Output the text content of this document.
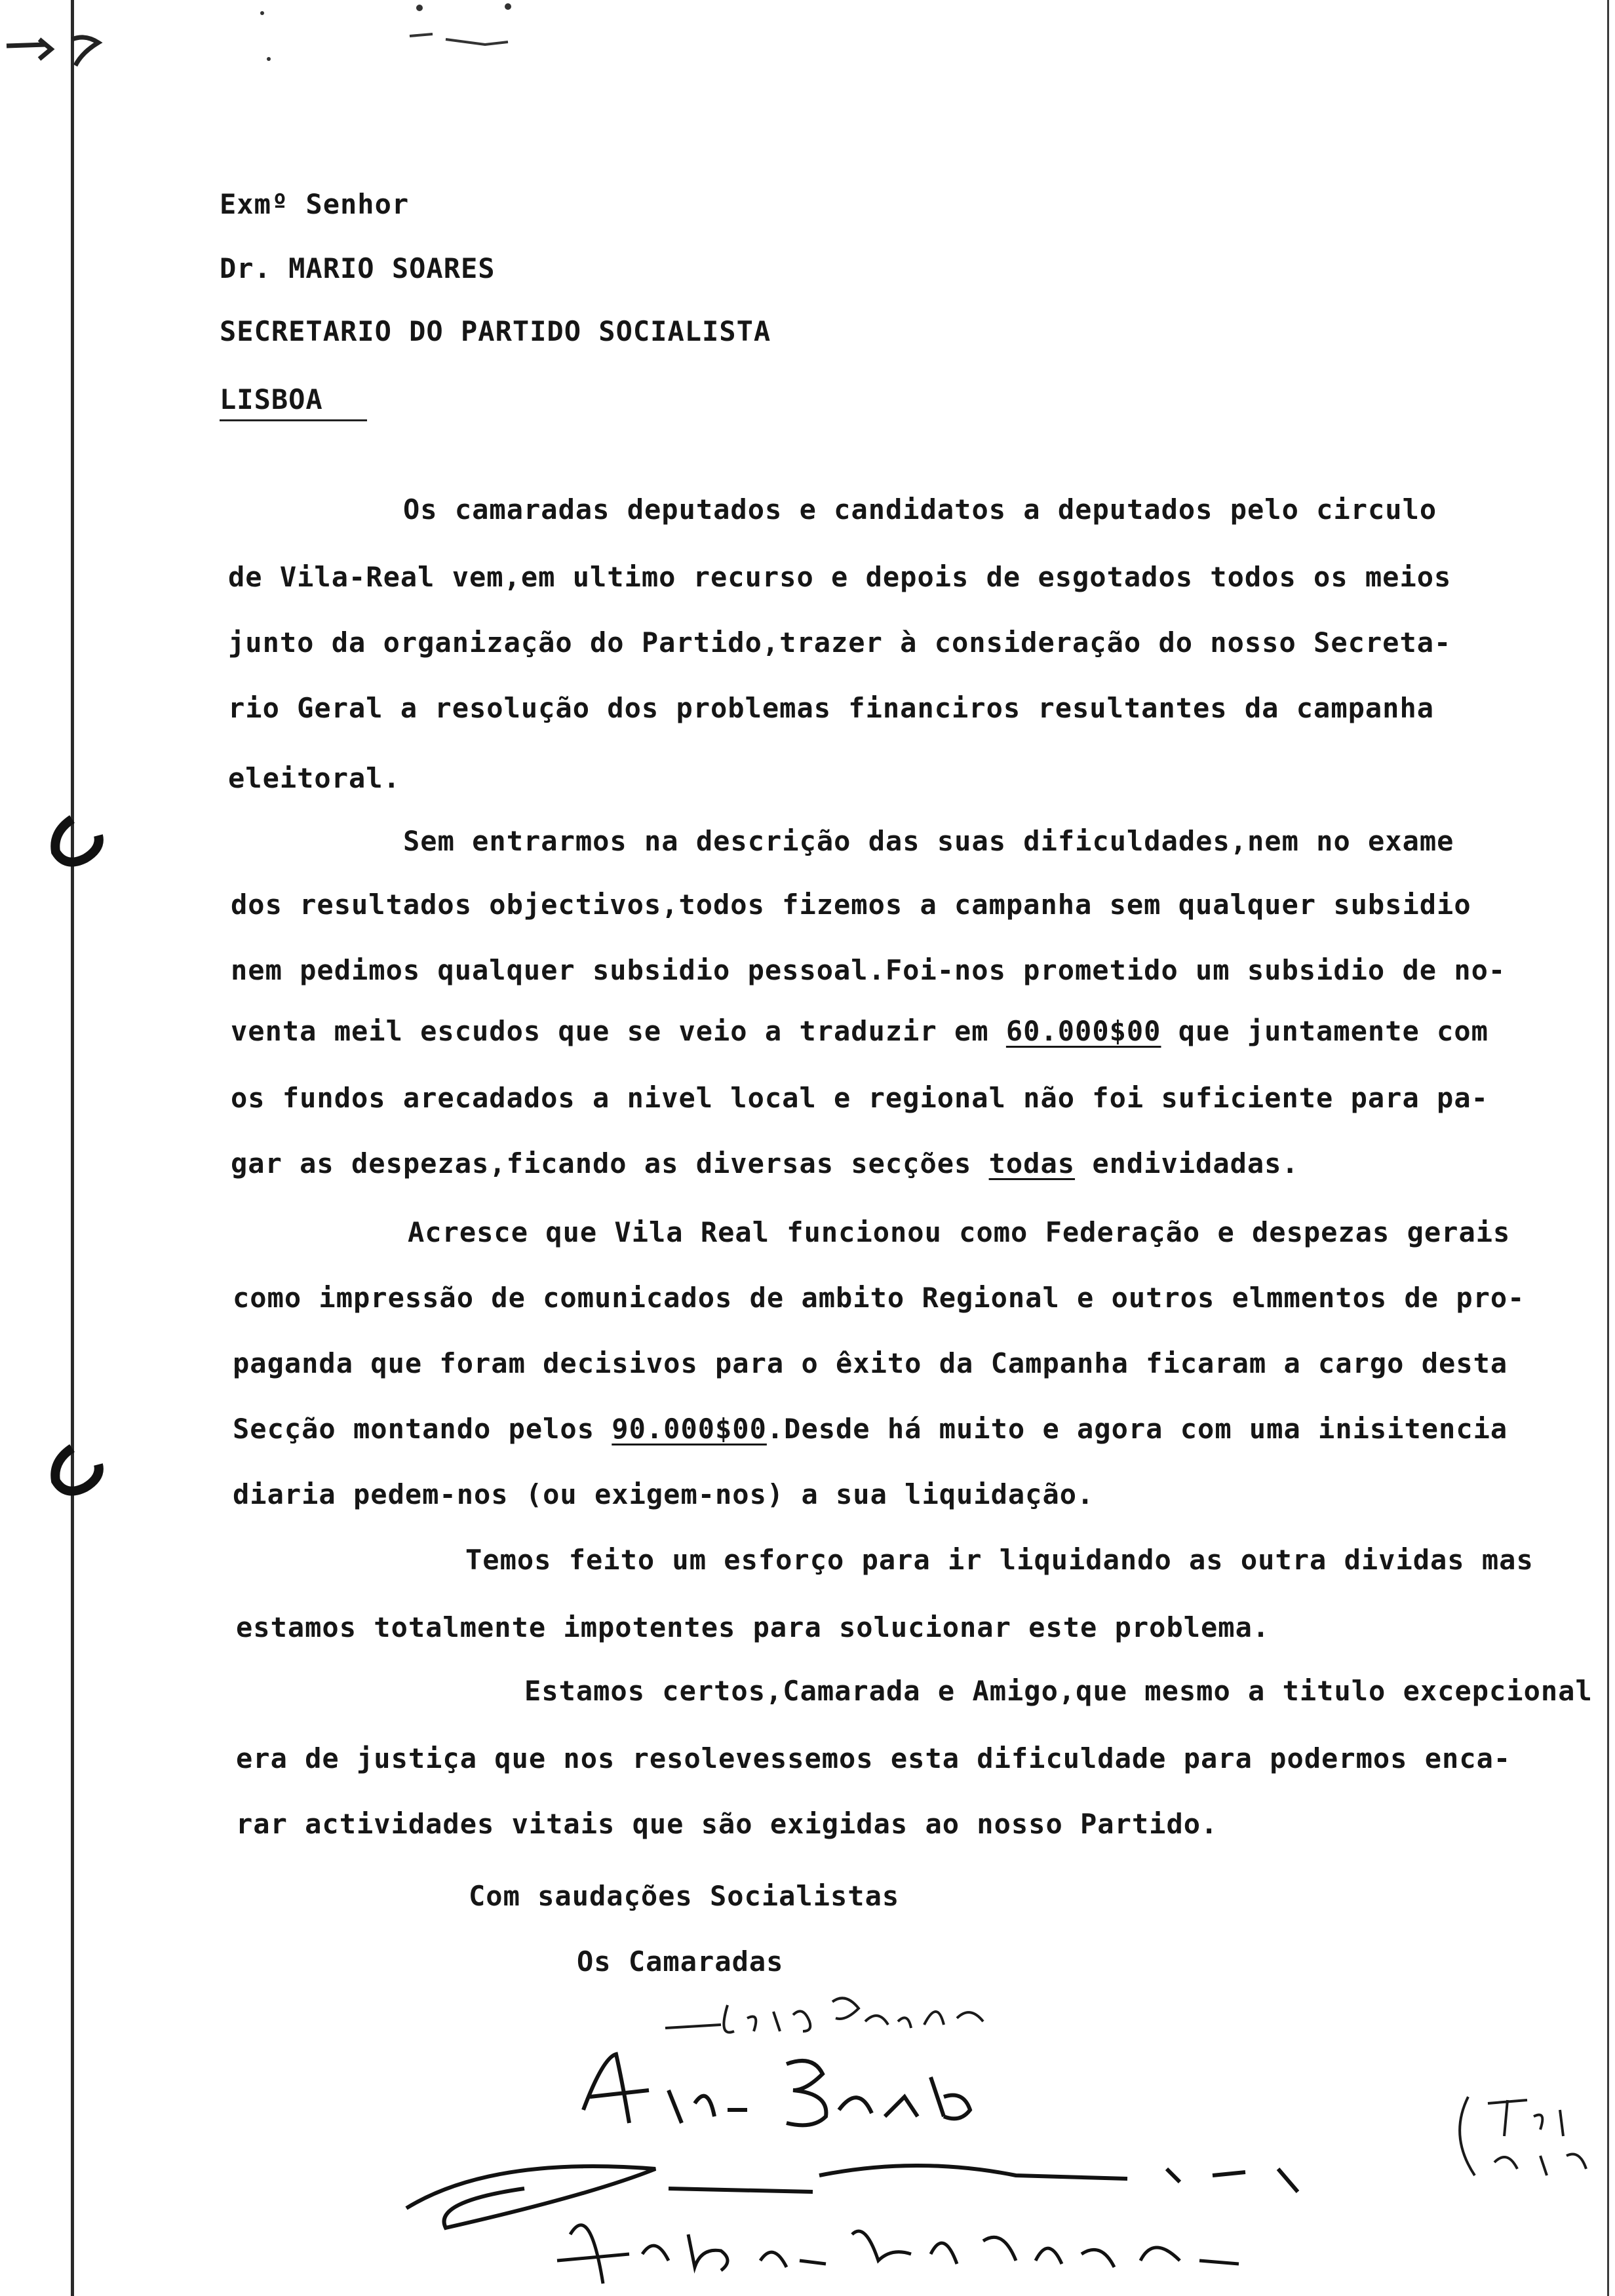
Exmº Senhor
Dr. MARIO SOARES
SECRETARIO DO PARTIDO SOCIALISTA
LISBOA
Os camaradas deputados e candidatos a deputados pelo circulo
de Vila-Real vem,em ultimo recurso e depois de esgotados todos os meios
junto da organização do Partido,trazer à consideração do nosso Secreta-
rio Geral a resolução dos problemas financiros resultantes da campanha
eleitoral.
Sem entrarmos na descrição das suas dificuldades,nem no exame
dos resultados objectivos,todos fizemos a campanha sem qualquer subsidio
nem pedimos qualquer subsidio pessoal.Foi-nos prometido um subsidio de no-
venta meil escudos que se veio a traduzir em 60.000$00 que juntamente com
os fundos arecadados a nivel local e regional não foi suficiente para pa-
gar as despezas,ficando as diversas secções todas endividadas.
Acresce que Vila Real funcionou como Federação e despezas gerais
como impressão de comunicados de ambito Regional e outros elmmentos de pro-
paganda que foram decisivos para o êxito da Campanha ficaram a cargo desta
Secção montando pelos 90.000$00.Desde há muito e agora com uma inisitencia
diaria pedem-nos (ou exigem-nos) a sua liquidação.
Temos feito um esforço para ir liquidando as outra dividas mas
estamos totalmente impotentes para solucionar este problema.
Estamos certos,Camarada e Amigo,que mesmo a titulo excepcional
era de justiça que nos resolevessemos esta dificuldade para podermos enca-
rar actividades vitais que são exigidas ao nosso Partido.
Com saudações Socialistas
Os Camaradas
